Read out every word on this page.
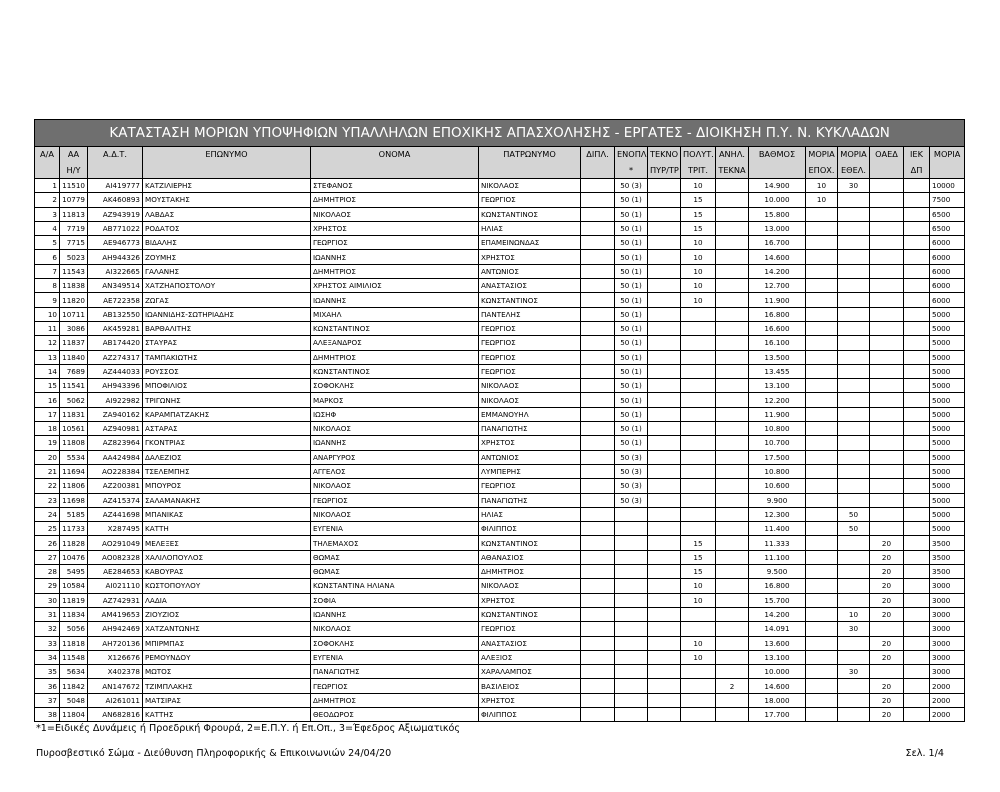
ΚΑΤΑΣΤΑΣΗ ΜΟΡΙΩΝ ΥΠΟΨΗΦΙΩΝ ΥΠΑΛΛΗΛΩΝ ΕΠΟΧΙΚΗΣ ΑΠΑΣΧΟΛΗΣΗΣ - ΕΡΓΑΤΕΣ - ΔΙΟΙΚΗΣΗ Π.Υ. Ν. ΚΥΚΛΑΔΩΝ																
Α/Α	ΑΑ	Α.Δ.Τ.	ΕΠΩΝΥΜΟ	ΟΝΟΜΑ	ΠΑΤΡΩΝΥΜΟ	ΔΙΠΛ.	ΕΝΟΠΛ	ΤΕΚΝΟ	ΠΟΛΥΤ.	ΑΝΗΛ.	ΒΑΘΜΟΣ	ΜΟΡΙΑ	ΜΟΡΙΑ	ΟΑΕΔ	ΙΕΚ	ΜΟΡΙΑ
	Η/Υ						*	ΠΥΡ/ΤΡ	ΤΡΙΤ.	ΤΕΚΝΑ		ΕΠΟΧ.	ΕΘΕΛ.		ΔΠ	
1	11510	ΑΙ419777	ΚΑΤΖΙΛΙΕΡΗΣ	ΣΤΕΦΑΝΟΣ	ΝΙΚΟΛΑΟΣ		50 (3)		10		14.900	10	30			10000
2	10779	ΑΚ460893	ΜΟΥΣΤΑΚΗΣ	ΔΗΜΗΤΡΙΟΣ	ΓΕΩΡΓΙΟΣ		50 (1)		15		10.000	10				7500
3	11813	ΑΖ943919	ΛΑΒΔΑΣ	ΝΙΚΟΛΑΟΣ	ΚΩΝΣΤΑΝΤΙΝΟΣ		50 (1)		15		15.800					6500
4	7719	ΑΒ771022	ΡΟΔΑΤΟΣ	ΧΡΗΣΤΟΣ	ΗΛΙΑΣ		50 (1)		15		13.000					6500
5	7715	ΑΕ946773	ΒΙΔΑΛΗΣ	ΓΕΩΡΓΙΟΣ	ΕΠΑΜΕΙΝΩΝΔΑΣ		50 (1)		10		16.700					6000
6	5023	ΑΗ944326	ΖΟΥΜΗΣ	ΙΩΑΝΝΗΣ	ΧΡΗΣΤΟΣ		50 (1)		10		14.600					6000
7	11543	ΑΙ322665	ΓΑΛΑΝΗΣ	ΔΗΜΗΤΡΙΟΣ	ΑΝΤΩΝΙΟΣ		50 (1)		10		14.200					6000
8	11838	ΑΝ349514	ΧΑΤΖΗΑΠΟΣΤΟΛΟΥ	ΧΡΗΣΤΟΣ ΑΙΜΙΛΙΟΣ	ΑΝΑΣΤΑΣΙΟΣ		50 (1)		10		12.700					6000
9	11820	ΑΕ722358	ΖΩΓΑΣ	ΙΩΑΝΝΗΣ	ΚΩΝΣΤΑΝΤΙΝΟΣ		50 (1)		10		11.900					6000
10	10711	ΑΒ132550	ΙΩΑΝΝΙΔΗΣ-ΣΩΤΗΡΙΑΔΗΣ	ΜΙΧΑΗΛ	ΠΑΝΤΕΛΗΣ		50 (1)				16.800					5000
11	3086	ΑΚ459281	ΒΑΡΘΑΛΙΤΗΣ	ΚΩΝΣΤΑΝΤΙΝΟΣ	ΓΕΩΡΓΙΟΣ		50 (1)				16.600					5000
12	11837	ΑΒ174420	ΣΤΑΥΡΑΣ	ΑΛΕΞΑΝΔΡΟΣ	ΓΕΩΡΓΙΟΣ		50 (1)				16.100					5000
13	11840	ΑΖ274317	ΤΑΜΠΑΚΙΩΤΗΣ	ΔΗΜΗΤΡΙΟΣ	ΓΕΩΡΓΙΟΣ		50 (1)				13.500					5000
14	7689	ΑΖ444033	ΡΟΥΣΣΟΣ	ΚΩΝΣΤΑΝΤΙΝΟΣ	ΓΕΩΡΓΙΟΣ		50 (1)				13.455					5000
15	11541	ΑΗ943396	ΜΠΟΦΙΛΙΟΣ	ΣΟΦΟΚΛΗΣ	ΝΙΚΟΛΑΟΣ		50 (1)				13.100					5000
16	5062	ΑΙ922982	ΤΡΙΓΩΝΗΣ	ΜΑΡΚΟΣ	ΝΙΚΟΛΑΟΣ		50 (1)				12.200					5000
17	11831	ΖΑ940162	ΚΑΡΑΜΠΑΤΖΑΚΗΣ	ΙΩΣΗΦ	ΕΜΜΑΝΟΥΗΛ		50 (1)				11.900					5000
18	10561	ΑΖ940981	ΑΣΤΑΡΑΣ	ΝΙΚΟΛΑΟΣ	ΠΑΝΑΓΙΩΤΗΣ		50 (1)				10.800					5000
19	11808	ΑΖ823964	ΓΚΟΝΤΡΙΑΣ	ΙΩΑΝΝΗΣ	ΧΡΗΣΤΟΣ		50 (1)				10.700					5000
20	5534	ΑΑ424984	ΔΑΛΕΖΙΟΣ	ΑΝΑΡΓΥΡΟΣ	ΑΝΤΩΝΙΟΣ		50 (3)				17.500					5000
21	11694	ΑΟ228384	ΤΣΕΛΕΜΠΗΣ	ΑΓΓΕΛΟΣ	ΛΥΜΠΕΡΗΣ		50 (3)				10.800					5000
22	11806	ΑΖ200381	ΜΠΟΥΡΟΣ	ΝΙΚΟΛΑΟΣ	ΓΕΩΡΓΙΟΣ		50 (3)				10.600					5000
23	11698	ΑΖ415374	ΣΑΛΑΜΑΝΑΚΗΣ	ΓΕΩΡΓΙΟΣ	ΠΑΝΑΓΙΩΤΗΣ		50 (3)				9.900					5000
24	5185	ΑΖ441698	ΜΠΑΝΙΚΑΣ	ΝΙΚΟΛΑΟΣ	ΗΛΙΑΣ						12.300		50			5000
25	11733	Χ287495	ΚΑΤΤΗ	ΕΥΓΕΝΙΑ	ΦΙΛΙΠΠΟΣ						11.400		50			5000
26	11828	ΑΟ291049	ΜΕΛΕΞΕΣ	ΤΗΛΕΜΑΧΟΣ	ΚΩΝΣΤΑΝΤΙΝΟΣ				15		11.333			20		3500
27	10476	ΑΟ082328	ΧΑΛΙΛΟΠΟΥΛΟΣ	ΘΩΜΑΣ	ΑΘΑΝΑΣΙΟΣ				15		11.100			20		3500
28	5495	ΑΕ284653	ΚΑΒΟΥΡΑΣ	ΘΩΜΑΣ	ΔΗΜΗΤΡΙΟΣ				15		9.500			20		3500
29	10584	ΑΙ021110	ΚΩΣΤΟΠΟΥΛΟΥ	ΚΩΝΣΤΑΝΤΙΝΑ ΗΛΙΑΝΑ	ΝΙΚΟΛΑΟΣ				10		16.800			20		3000
30	11819	ΑΖ742931	ΛΑΔΙΑ	ΣΟΦΙΑ	ΧΡΗΣΤΟΣ				10		15.700			20		3000
31	11834	ΑΜ419653	ΖΙΟΥΖΙΟΣ	ΙΩΑΝΝΗΣ	ΚΩΝΣΤΑΝΤΙΝΟΣ						14.200		10	20		3000
32	5056	ΑΗ942469	ΧΑΤΖΑΝΤΩΝΗΣ	ΝΙΚΟΛΑΟΣ	ΓΕΩΡΓΙΟΣ						14.091		30			3000
33	11818	ΑΗ720136	ΜΠΙΡΜΠΑΣ	ΣΟΦΟΚΛΗΣ	ΑΝΑΣΤΑΣΙΟΣ				10		13.600			20		3000
34	11548	Χ126676	ΡΕΜΟΥΝΔΟΥ	ΕΥΓΕΝΙΑ	ΑΛΕΞΙΟΣ				10		13.100			20		3000
35	5634	Χ402378	ΜΩΤΟΣ	ΠΑΝΑΓΙΩΤΗΣ	ΧΑΡΑΛΑΜΠΟΣ						10.000		30			3000
36	11842	ΑΝ147672	ΤΖΙΜΠΛΑΚΗΣ	ΓΕΩΡΓΙΟΣ	ΒΑΣΙΛΕΙΟΣ					2	14.600			20		2000
37	5048	ΑΙ261011	ΜΑΤΣΙΡΑΣ	ΔΗΜΗΤΡΙΟΣ	ΧΡΗΣΤΟΣ						18.000			20		2000
38	11804	ΑΝ682816	ΚΑΤΤΗΣ	ΘΕΟΔΩΡΟΣ	ΦΙΛΙΠΠΟΣ						17.700			20		2000
*1=Ειδικές Δυνάμεις ή Προεδρική Φρουρά, 2=Ε.Π.Υ. ή Επ.Οπ., 3=Έφεδρος Αξιωματικός
Πυροσβεστικό Σώμα - Διεύθυνση Πληροφορικής & Επικοινωνιών 24/04/20	Σελ. 1/4
